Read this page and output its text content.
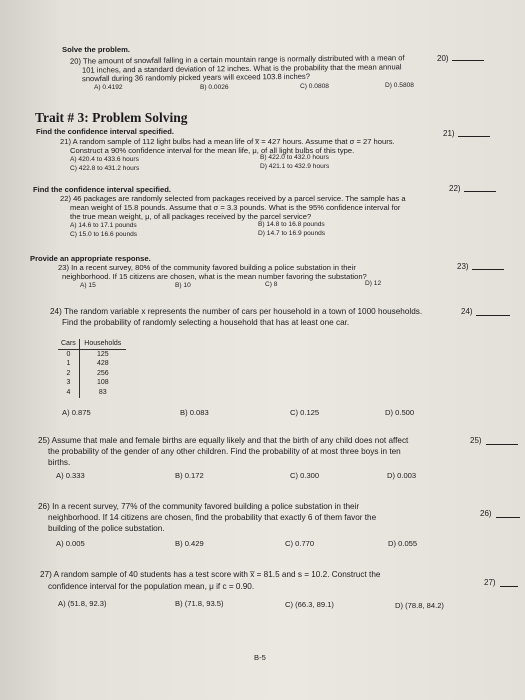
Solve the problem.
20) The amount of snowfall falling in a certain mountain range is normally distributed with a mean of
101 inches, and a standard deviation of 12 inches. What is the probability that the mean annual
snowfall during 36 randomly picked years will exceed 103.8 inches?
A) 0.4192	B) 0.0026	C) 0.0808	D) 0.5808
20)
Trait # 3: Problem Solving
Find the confidence interval specified.
21) A random sample of 112 light bulbs had a mean life of x̅ = 427 hours. Assume that σ = 27 hours.
Construct a 90% confidence interval for the mean life, μ, of all light bulbs of this type.
A) 420.4 to 433.6 hours	B) 422.0 to 432.0 hours
C) 422.8 to 431.2 hours	D) 421.1 to 432.9 hours
21)
Find the confidence interval specified.
22) 46 packages are randomly selected from packages received by a parcel service. The sample has a
mean weight of 15.8 pounds. Assume that σ = 3.3 pounds. What is the 95% confidence interval for
the true mean weight, μ, of all packages received by the parcel service?
A) 14.6 to 17.1 pounds	B) 14.8 to 16.8 pounds
C) 15.0 to 16.6 pounds	D) 14.7 to 16.9 pounds
22)
Provide an appropriate response.
23) In a recent survey, 80% of the community favored building a police substation in their
neighborhood. If 15 citizens are chosen, what is the mean number favoring the substation?
A) 15	B) 10	C) 8	D) 12
23)
24) The random variable x represents the number of cars per household in a town of 1000 households.
Find the probability of randomly selecting a household that has at least one car.
Cars	Households
0	125
1	428
2	256
3	108
4	83
A) 0.875	B) 0.083	C) 0.125	D) 0.500
24)
25) Assume that male and female births are equally likely and that the birth of any child does not affect
the probability of the gender of any other children. Find the probability of at most three boys in ten
births.
A) 0.333	B) 0.172	C) 0.300	D) 0.003
25)
26) In a recent survey, 77% of the community favored building a police substation in their
neighborhood. If 14 citizens are chosen, find the probability that exactly 6 of them favor the
building of the police substation.
A) 0.005	B) 0.429	C) 0.770	D) 0.055
26)
27) A random sample of 40 students has a test score with x̅ = 81.5 and s = 10.2. Construct the
confidence interval for the population mean, μ if c = 0.90.
A) (51.8, 92.3)	B) (71.8, 93.5)	C) (66.3, 89.1)	D) (78.8, 84.2)
27)
B-5
